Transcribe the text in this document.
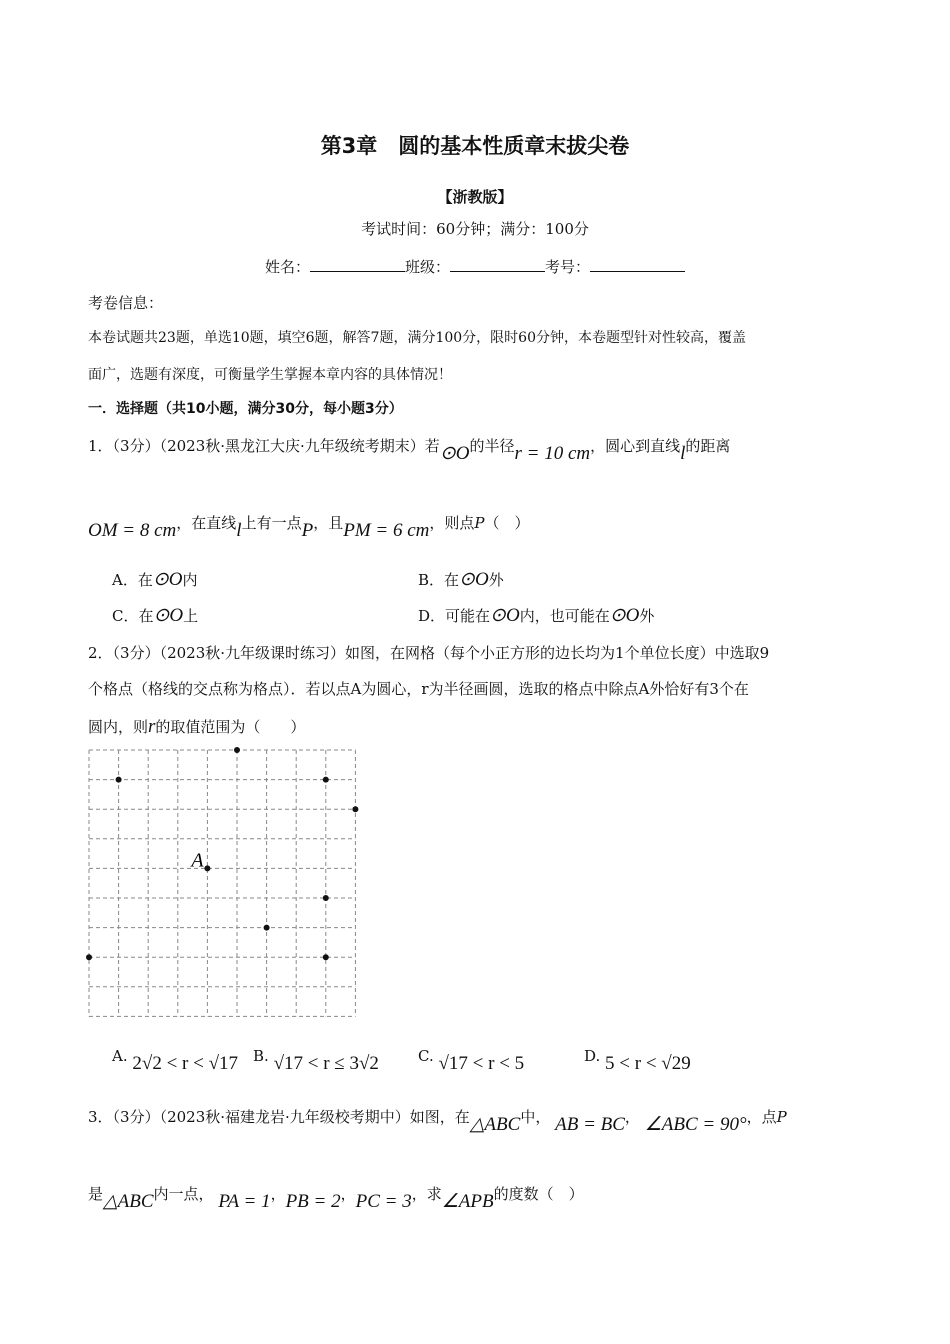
第3章　圆的基本性质章末拔尖卷
【浙教版】
考试时间：60分钟；满分：100分
姓名：	班级：	考号：
考卷信息：
本卷试题共23题，单选10题，填空6题，解答7题，满分100分，限时60分钟，本卷题型针对性较高，覆盖
面广，选题有深度，可衡量学生掌握本章内容的具体情况！
一．选择题（共10小题，满分30分，每小题3分）
1．（3分）（2023秋·黑龙江大庆·九年级统考期末）若⊙O的半径r = 10 cm，圆心到直线l的距离
OM = 8 cm，在直线l上有一点P，且PM = 6 cm，则点P（　）
A．在⊙O内	B．在⊙O外
C．在⊙O上	D．可能在⊙O内，也可能在⊙O外
2．（3分）（2023秋·九年级课时练习）如图，在网格（每个小正方形的边长均为1个单位长度）中选取9
个格点（格线的交点称为格点）．若以点A为圆心，r为半径画圆，选取的格点中除点A外恰好有3个在
圆内，则r的取值范围为（　　）
A
A. 2√2 < r < √17 B. √17 < r ≤ 3√2	C. √17 < r < 5	D. 5 < r < √29
3．（3分）（2023秋·福建龙岩·九年级校考期中）如图，在△ABC中， AB = BC， ∠ABC = 90°，点P
是△ABC内一点， PA = 1，PB = 2，PC = 3，求∠APB的度数（　）
